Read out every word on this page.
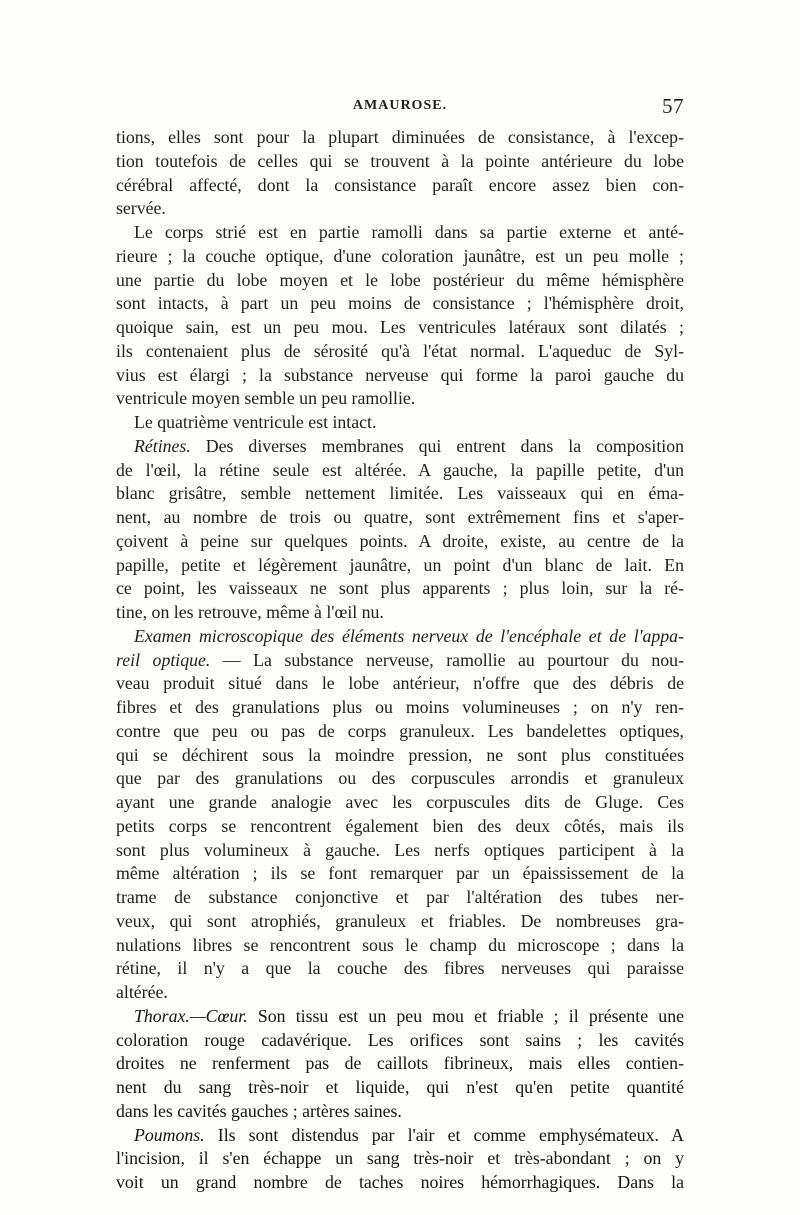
AMAUROSE.	57
tions, elles sont pour la plupart diminuées de consistance, à l'excep-
tion toutefois de celles qui se trouvent à la pointe antérieure du lobe
cérébral affecté, dont la consistance paraît encore assez bien con-
servée.
Le corps strié est en partie ramolli dans sa partie externe et anté-
rieure ; la couche optique, d'une coloration jaunâtre, est un peu molle ;
une partie du lobe moyen et le lobe postérieur du même hémisphère
sont intacts, à part un peu moins de consistance ; l'hémisphère droit,
quoique sain, est un peu mou. Les ventricules latéraux sont dilatés ;
ils contenaient plus de sérosité qu'à l'état normal. L'aqueduc de Syl-
vius est élargi ; la substance nerveuse qui forme la paroi gauche du
ventricule moyen semble un peu ramollie.
Le quatrième ventricule est intact.
Rétines. Des diverses membranes qui entrent dans la composition
de l'œil, la rétine seule est altérée. A gauche, la papille petite, d'un
blanc grisâtre, semble nettement limitée. Les vaisseaux qui en éma-
nent, au nombre de trois ou quatre, sont extrêmement fins et s'aper-
çoivent à peine sur quelques points. A droite, existe, au centre de la
papille, petite et légèrement jaunâtre, un point d'un blanc de lait. En
ce point, les vaisseaux ne sont plus apparents ; plus loin, sur la ré-
tine, on les retrouve, même à l'œil nu.
Examen microscopique des éléments nerveux de l'encéphale et de l'appa-
reil optique. — La substance nerveuse, ramollie au pourtour du nou-
veau produit situé dans le lobe antérieur, n'offre que des débris de
fibres et des granulations plus ou moins volumineuses ; on n'y ren-
contre que peu ou pas de corps granuleux. Les bandelettes optiques,
qui se déchirent sous la moindre pression, ne sont plus constituées
que par des granulations ou des corpuscules arrondis et granuleux
ayant une grande analogie avec les corpuscules dits de Gluge. Ces
petits corps se rencontrent également bien des deux côtés, mais ils
sont plus volumineux à gauche. Les nerfs optiques participent à la
même altération ; ils se font remarquer par un épaississement de la
trame de substance conjonctive et par l'altération des tubes ner-
veux, qui sont atrophiés, granuleux et friables. De nombreuses gra-
nulations libres se rencontrent sous le champ du microscope ; dans la
rétine, il n'y a que la couche des fibres nerveuses qui paraisse
altérée.
Thorax.—Cœur. Son tissu est un peu mou et friable ; il présente une
coloration rouge cadavérique. Les orifices sont sains ; les cavités
droites ne renferment pas de caillots fibrineux, mais elles contien-
nent du sang très-noir et liquide, qui n'est qu'en petite quantité
dans les cavités gauches ; artères saines.
Poumons. Ils sont distendus par l'air et comme emphysémateux. A
l'incision, il s'en échappe un sang très-noir et très-abondant ; on y
voit un grand nombre de taches noires hémorrhagiques. Dans la
